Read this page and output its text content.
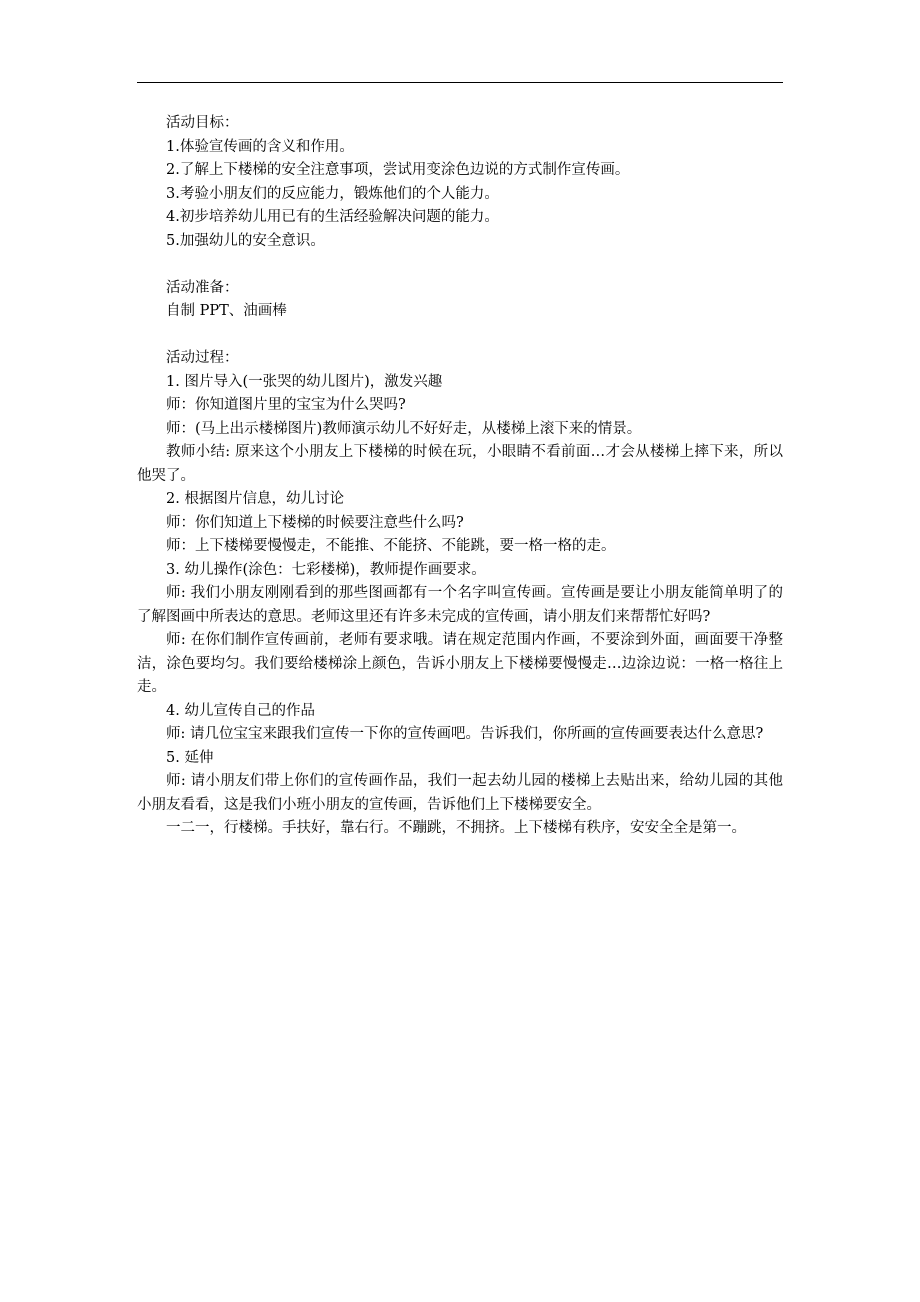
活动目标：

1.体验宣传画的含义和作用。

2.了解上下楼梯的安全注意事项，尝试用变涂色边说的方式制作宣传画。

3.考验小朋友们的反应能力，锻炼他们的个人能力。

4.初步培养幼儿用已有的生活经验解决问题的能力。

5.加强幼儿的安全意识。

活动准备：

自制 PPT、油画棒

活动过程：

1. 图片导入(一张哭的幼儿图片)，激发兴趣

师：你知道图片里的宝宝为什么哭吗?

师：(马上出示楼梯图片)教师演示幼儿不好好走，从楼梯上滚下来的情景。

教师小结: 原来这个小朋友上下楼梯的时候在玩，小眼睛不看前面…才会从楼梯上摔下来，所以他哭了。

2. 根据图片信息，幼儿讨论

师：你们知道上下楼梯的时候要注意些什么吗?

师：上下楼梯要慢慢走，不能推、不能挤、不能跳，要一格一格的走。

3. 幼儿操作(涂色：七彩楼梯)，教师提作画要求。

师: 我们小朋友刚刚看到的那些图画都有一个名字叫宣传画。宣传画是要让小朋友能简单明了的了解图画中所表达的意思。老师这里还有许多未完成的宣传画，请小朋友们来帮帮忙好吗?

师: 在你们制作宣传画前，老师有要求哦。请在规定范围内作画，不要涂到外面，画面要干净整洁，涂色要均匀。我们要给楼梯涂上颜色，告诉小朋友上下楼梯要慢慢走…边涂边说：一格一格往上走。

4. 幼儿宣传自己的作品

师: 请几位宝宝来跟我们宣传一下你的宣传画吧。告诉我们，你所画的宣传画要表达什么意思?

5. 延伸

师: 请小朋友们带上你们的宣传画作品，我们一起去幼儿园的楼梯上去贴出来，给幼儿园的其他小朋友看看，这是我们小班小朋友的宣传画，告诉他们上下楼梯要安全。

一二一，行楼梯。手扶好，靠右行。不蹦跳，不拥挤。上下楼梯有秩序，安安全全是第一。
